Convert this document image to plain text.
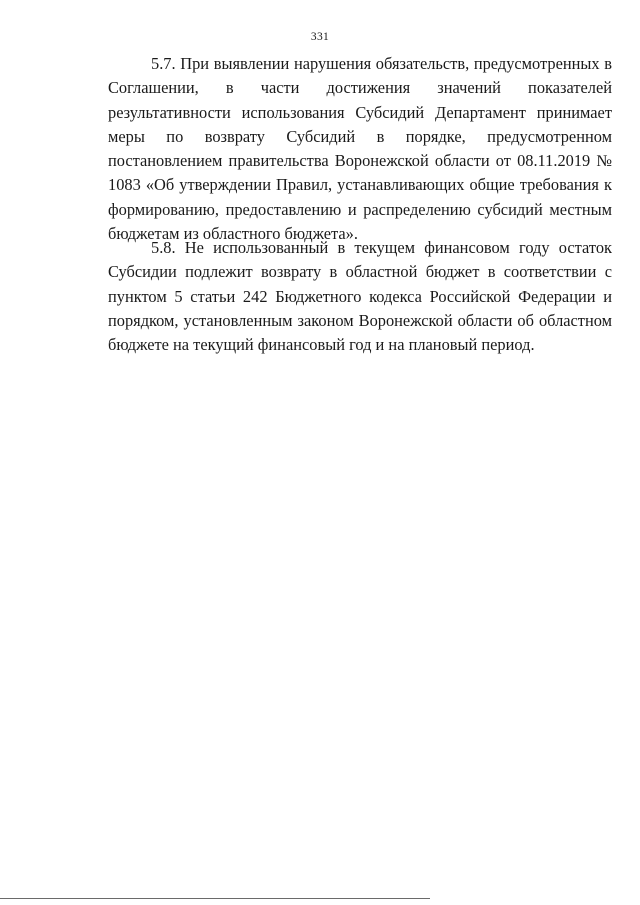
331

5.7. При выявлении нарушения обязательств, предусмотренных в Соглашении, в части достижения значений показателей результативности использования Субсидий Департамент принимает меры по возврату Субсидий в порядке, предусмотренном постановлением правительства Воронежской области от 08.11.2019 № 1083 «Об утверждении Правил, устанавливающих общие требования к формированию, предоставлению и распределению субсидий местным бюджетам из областного бюджета».

5.8. Не использованный в текущем финансовом году остаток Субсидии подлежит возврату в областной бюджет в соответствии с пунктом 5 статьи 242 Бюджетного кодекса Российской Федерации и порядком, установленным законом Воронежской области об областном бюджете на текущий финансовый год и на плановый период.
